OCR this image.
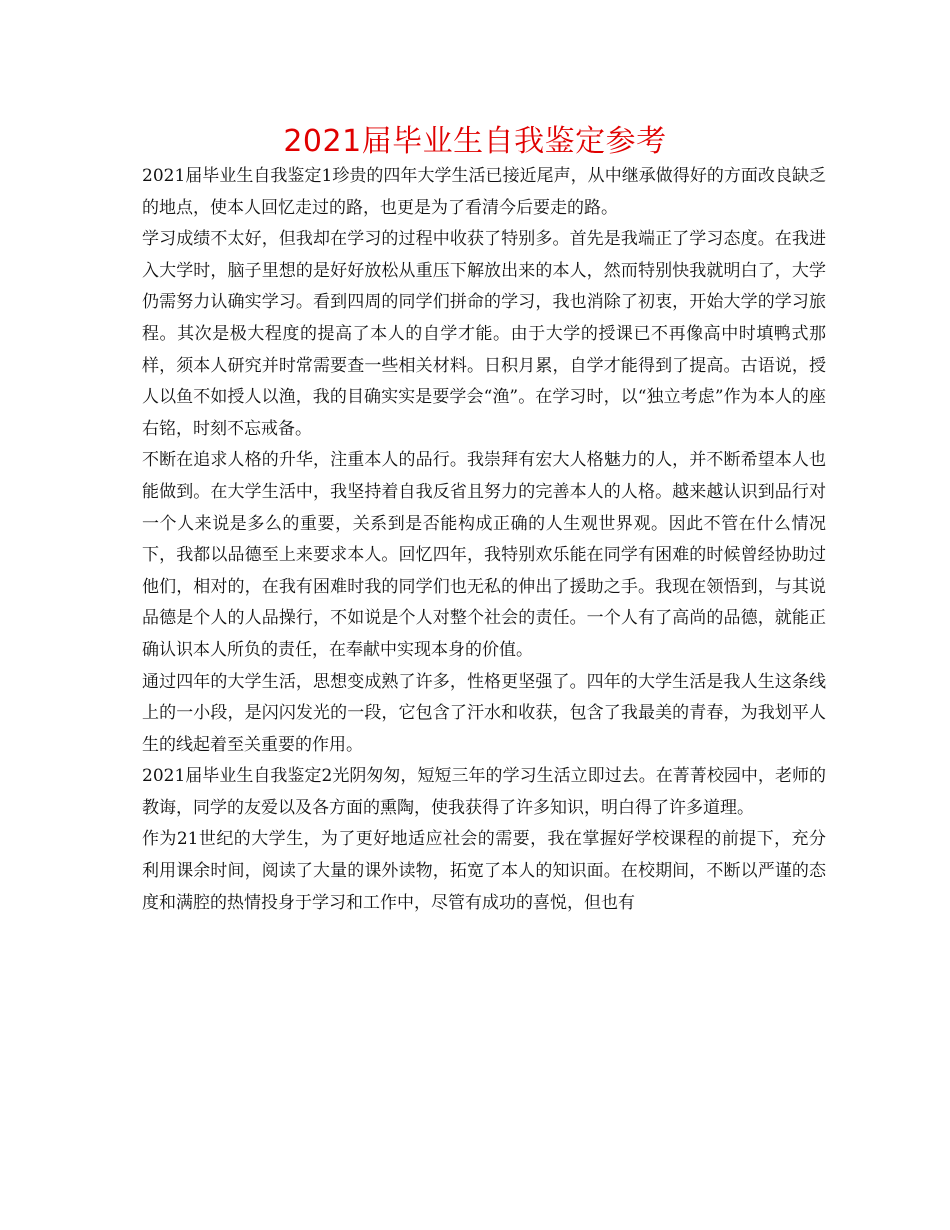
2021届毕业生自我鉴定参考

2021届毕业生自我鉴定1珍贵的四年大学生活已接近尾声，从中继承做得好的方面改良缺乏的地点，使本人回忆走过的路，也更是为了看清今后要走的路。

学习成绩不太好，但我却在学习的过程中收获了特别多。首先是我端正了学习态度。在我进入大学时，脑子里想的是好好放松从重压下解放出来的本人，然而特别快我就明白了，大学仍需努力认确实学习。看到四周的同学们拼命的学习，我也消除了初衷，开始大学的学习旅程。其次是极大程度的提高了本人的自学才能。由于大学的授课已不再像高中时填鸭式那样，须本人研究并时常需要查一些相关材料。日积月累，自学才能得到了提高。古语说，授人以鱼不如授人以渔，我的目确实实是要学会“渔”。在学习时，以“独立考虑”作为本人的座右铭，时刻不忘戒备。

不断在追求人格的升华，注重本人的品行。我崇拜有宏大人格魅力的人，并不断希望本人也能做到。在大学生活中，我坚持着自我反省且努力的完善本人的人格。越来越认识到品行对一个人来说是多么的重要，关系到是否能构成正确的人生观世界观。因此不管在什么情况下，我都以品德至上来要求本人。回忆四年，我特别欢乐能在同学有困难的时候曾经协助过他们，相对的，在我有困难时我的同学们也无私的伸出了援助之手。我现在领悟到，与其说品德是个人的人品操行，不如说是个人对整个社会的责任。一个人有了高尚的品德，就能正确认识本人所负的责任，在奉献中实现本身的价值。

通过四年的大学生活，思想变成熟了许多，性格更坚强了。四年的大学生活是我人生这条线上的一小段，是闪闪发光的一段，它包含了汗水和收获，包含了我最美的青春，为我划平人生的线起着至关重要的作用。

2021届毕业生自我鉴定2光阴匆匆，短短三年的学习生活立即过去。在菁菁校园中，老师的教诲，同学的友爱以及各方面的熏陶，使我获得了许多知识，明白得了许多道理。

作为21世纪的大学生，为了更好地适应社会的需要，我在掌握好学校课程的前提下，充分利用课余时间，阅读了大量的课外读物，拓宽了本人的知识面。在校期间，不断以严谨的态度和满腔的热情投身于学习和工作中，尽管有成功的喜悦，但也有
